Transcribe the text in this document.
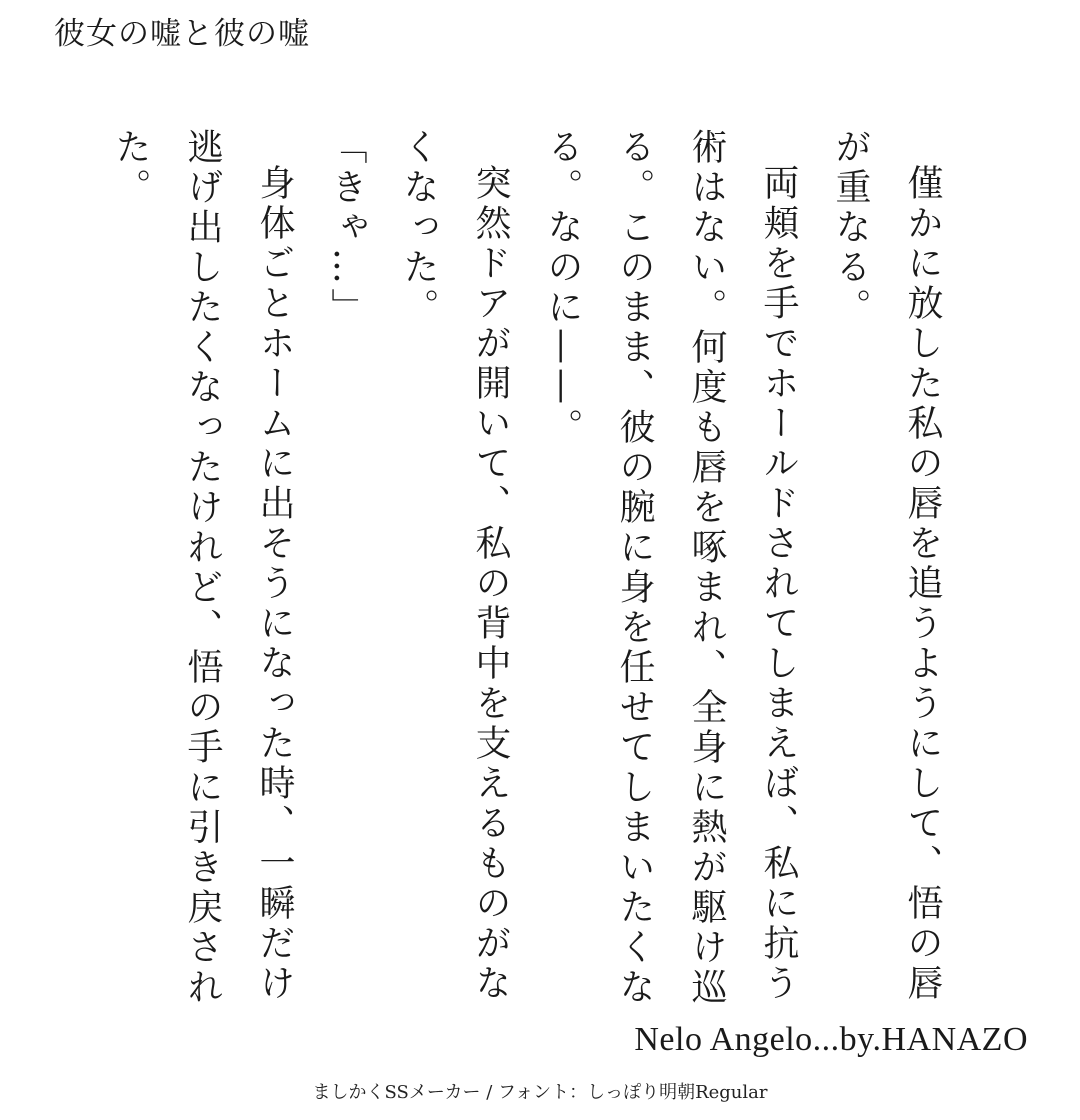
彼女の嘘と彼の嘘

僅かに放した私の唇を追うようにして、悟の唇が重なる。

両頬を手でホールドされてしまえば、私に抗う術はない。何度も唇を啄まれ、全身に熱が駆け巡る。このまま、彼の腕に身を任せてしまいたくなる。なのに——。

突然ドアが開いて、私の背中を支えるものがなくなった。

「きゃ…」

身体ごとホームに出そうになった時、一瞬だけ逃げ出したくなったけれど、悟の手に引き戻された。

Nelo Angelo...by.HANAZO
ましかくSSメーカー / フォント：しっぽり明朝Regular
